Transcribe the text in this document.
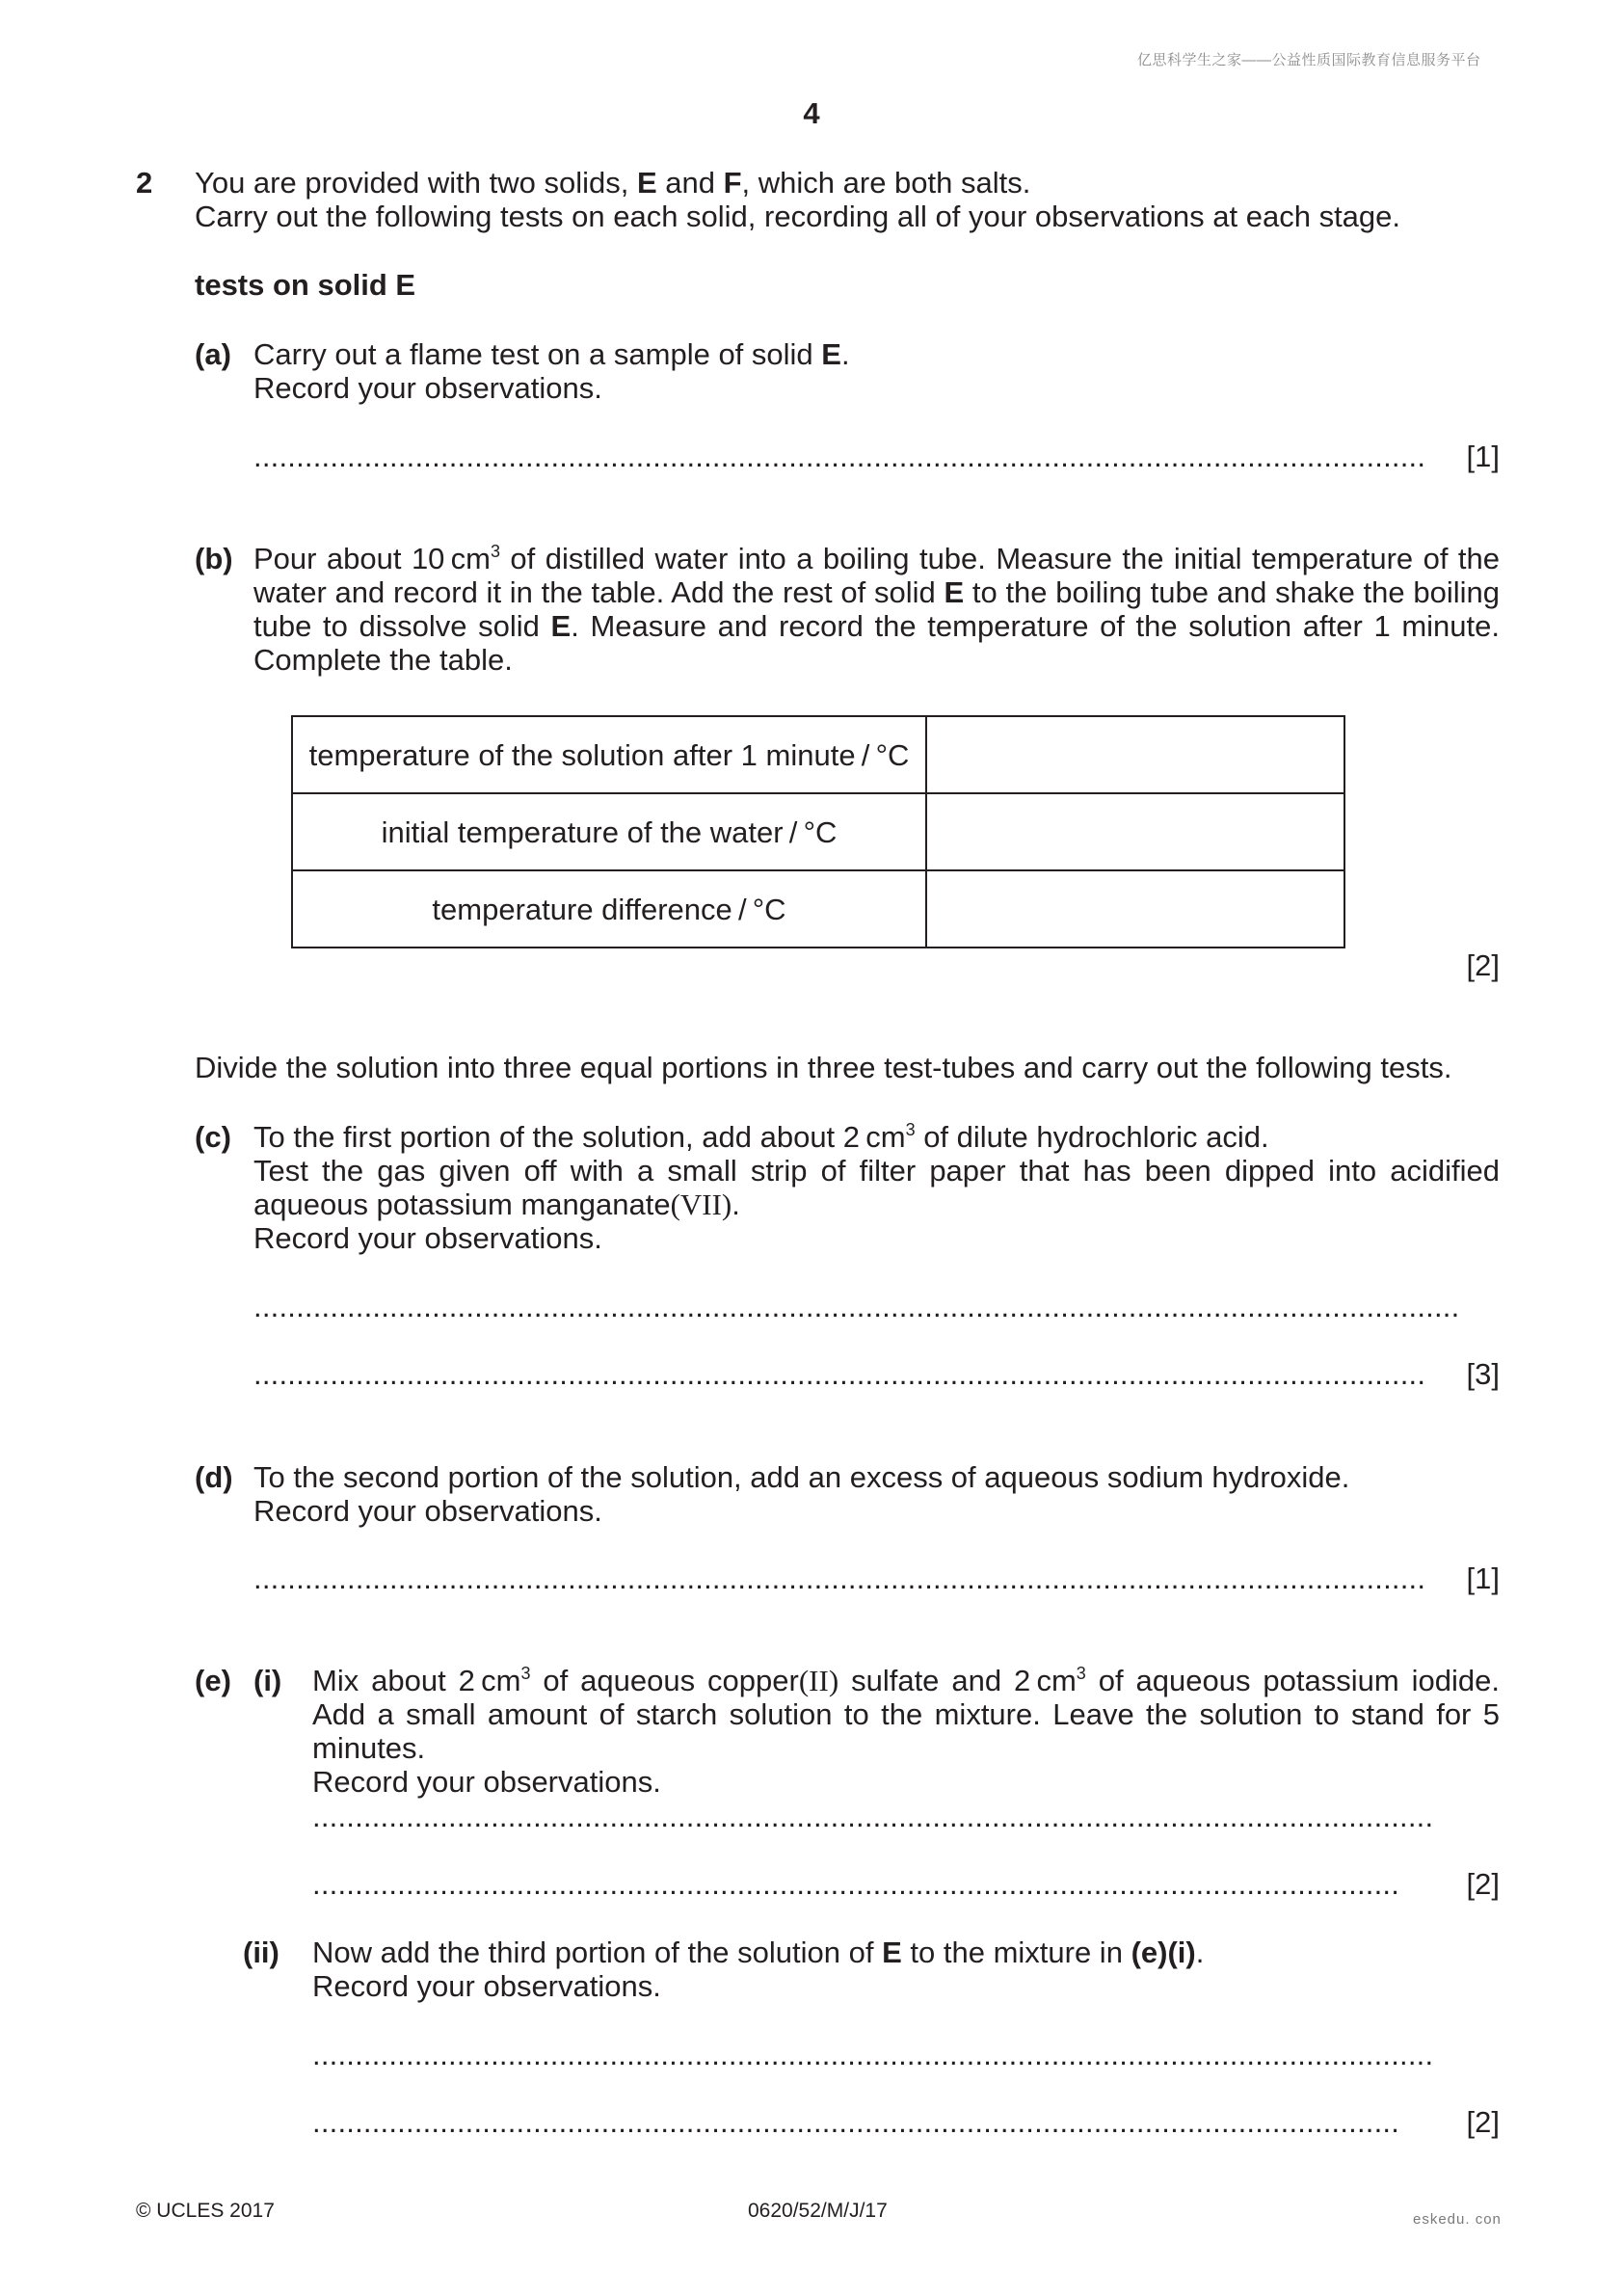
亿思科学生之家——公益性质国际教育信息服务平台
4
2 You are provided with two solids, E and F, which are both salts.
Carry out the following tests on each solid, recording all of your observations at each stage.
tests on solid E
(a) Carry out a flame test on a sample of solid E.
Record your observations.
..........................................................................................................................................	[1]
(b) Pour about 10 $cm^3$ of distilled water into a boiling tube. Measure the initial temperature of the water and record it in the table. Add the rest of solid E to the boiling tube and shake the boiling tube to dissolve solid E. Measure and record the temperature of the solution after 1 minute. Complete the table.
temperature of the solution after 1 minute / °C	
initial temperature of the water / °C	
temperature difference / °C	
[2]
Divide the solution into three equal portions in three test-tubes and carry out the following tests.
(c) To the first portion of the solution, add about 2 $cm^3$ of dilute hydrochloric acid.
Test the gas given off with a small strip of filter paper that has been dipped into acidified aqueous potassium manganate(VII).
Record your observations.
..............................................................................................................................................
..........................................................................................................................................	[3]
(d) To the second portion of the solution, add an excess of aqueous sodium hydroxide.
Record your observations.
..........................................................................................................................................	[1]
(e) (i) Mix about 2 $cm^3$ of aqueous copper(II) sulfate and 2 $cm^3$ of aqueous potassium iodide. Add a small amount of starch solution to the mixture. Leave the solution to stand for 5 minutes.
Record your observations.
....................................................................................................................................
................................................................................................................................	[2]
(ii) Now add the third portion of the solution of E to the mixture in (e)(i).
Record your observations.
....................................................................................................................................
................................................................................................................................	[2]
© UCLES 2017	0620/52/M/J/17	eskedu. con
